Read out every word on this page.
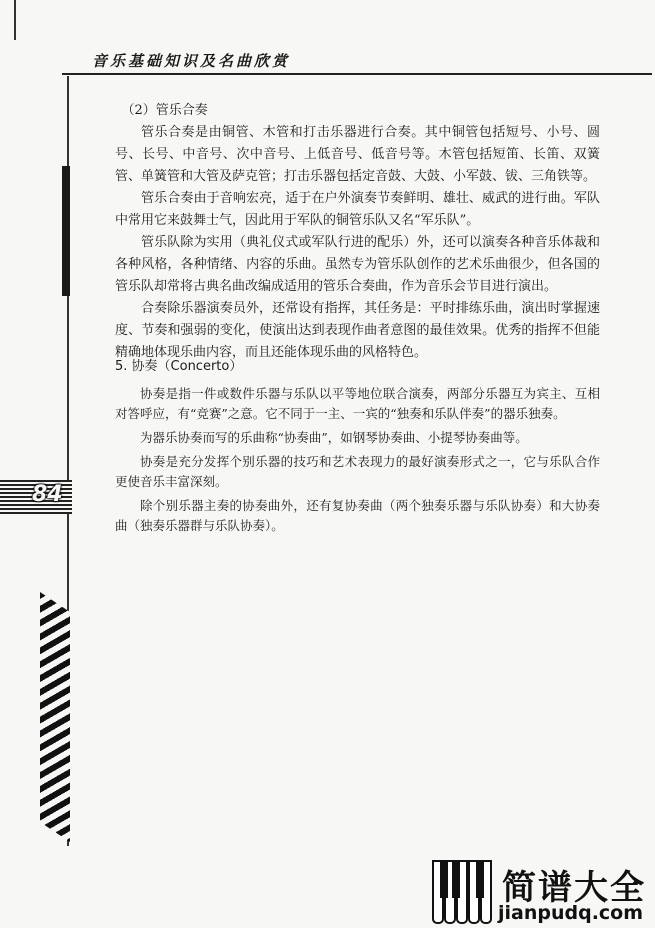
音乐基础知识及名曲欣赏
84

（2）管乐合奏

管乐合奏是由铜管、木管和打击乐器进行合奏。其中铜管包括短号、小号、圆号、长号、中音号、次中音号、上低音号、低音号等。木管包括短笛、长笛、双簧管、单簧管和大管及萨克管；打击乐器包括定音鼓、大鼓、小军鼓、钹、三角铁等。

管乐合奏由于音响宏亮，适于在户外演奏节奏鲜明、雄壮、威武的进行曲。军队中常用它来鼓舞士气，因此用于军队的铜管乐队又名“军乐队”。

管乐队除为实用（典礼仪式或军队行进的配乐）外，还可以演奏各种音乐体裁和各种风格，各种情绪、内容的乐曲。虽然专为管乐队创作的艺术乐曲很少，但各国的管乐队却常将古典名曲改编成适用的管乐合奏曲，作为音乐会节目进行演出。

合奏除乐器演奏员外，还常设有指挥，其任务是：平时排练乐曲，演出时掌握速度、节奏和强弱的变化，使演出达到表现作曲者意图的最佳效果。优秀的指挥不但能精确地体现乐曲内容，而且还能体现乐曲的风格特色。

5. 协奏（Concerto）

协奏是指一件或数件乐器与乐队以平等地位联合演奏，两部分乐器互为宾主、互相对答呼应，有“竞赛”之意。它不同于一主、一宾的“独奏和乐队伴奏”的器乐独奏。

为器乐协奏而写的乐曲称“协奏曲”，如钢琴协奏曲、小提琴协奏曲等。

协奏是充分发挥个别乐器的技巧和艺术表现力的最好演奏形式之一，它与乐队合作更使音乐丰富深刻。

除个别乐器主奏的协奏曲外，还有复协奏曲（两个独奏乐器与乐队协奏）和大协奏曲（独奏乐器群与乐队协奏）。

简谱大全
jianpudq.com
